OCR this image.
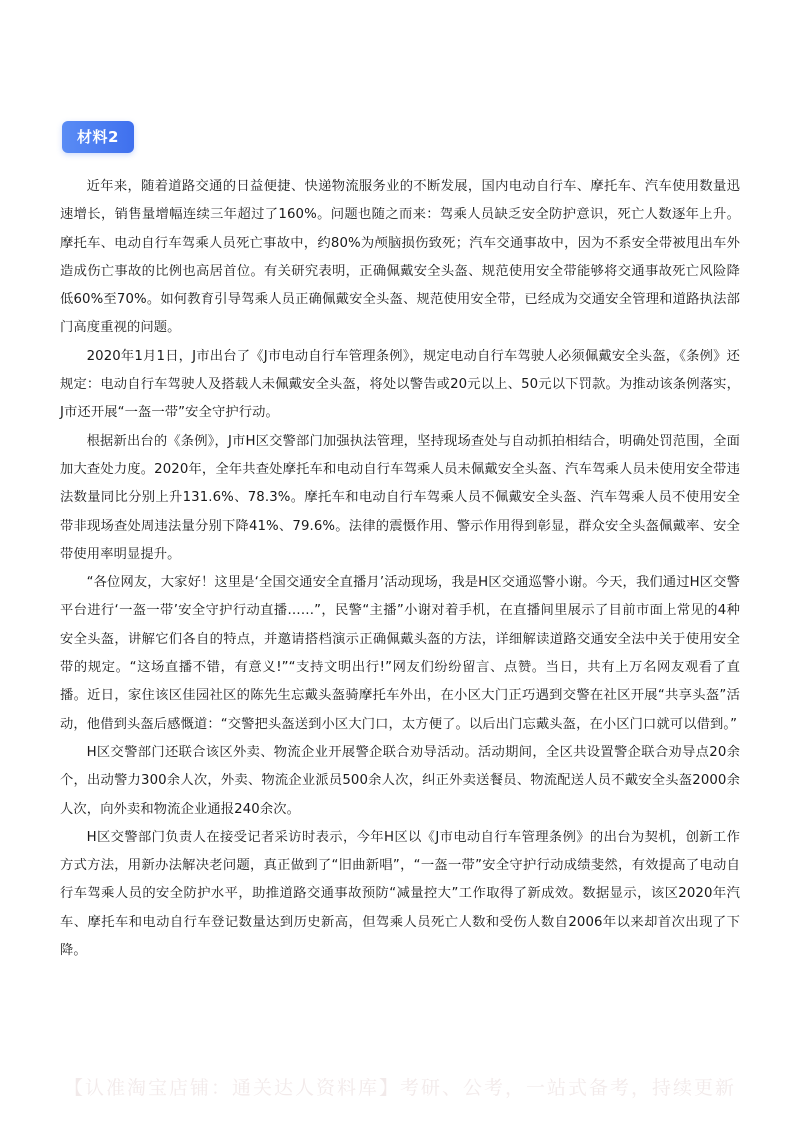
材料2

近年来，随着道路交通的日益便捷、快递物流服务业的不断发展，国内电动自行车、摩托车、汽车使用数量迅速增长，销售量增幅连续三年超过了160%。问题也随之而来：驾乘人员缺乏安全防护意识，死亡人数逐年上升。摩托车、电动自行车驾乘人员死亡事故中，约80%为颅脑损伤致死；汽车交通事故中，因为不系安全带被甩出车外造成伤亡事故的比例也高居首位。有关研究表明，正确佩戴安全头盔、规范使用安全带能够将交通事故死亡风险降低60%至70%。如何教育引导驾乘人员正确佩戴安全头盔、规范使用安全带，已经成为交通安全管理和道路执法部门高度重视的问题。

2020年1月1日，J市出台了《J市电动自行车管理条例》，规定电动自行车驾驶人必须佩戴安全头盔，《条例》还规定：电动自行车驾驶人及搭载人未佩戴安全头盔，将处以警告或20元以上、50元以下罚款。为推动该条例落实，J市还开展“一盔一带”安全守护行动。

根据新出台的《条例》，J市H区交警部门加强执法管理，坚持现场查处与自动抓拍相结合，明确处罚范围，全面加大查处力度。2020年，全年共查处摩托车和电动自行车驾乘人员未佩戴安全头盔、汽车驾乘人员未使用安全带违法数量同比分别上升131.6%、78.3%。摩托车和电动自行车驾乘人员不佩戴安全头盔、汽车驾乘人员不使用安全带非现场查处周违法量分别下降41%、79.6%。法律的震慑作用、警示作用得到彰显，群众安全头盔佩戴率、安全带使用率明显提升。

“各位网友，大家好！这里是‘全国交通安全直播月’活动现场，我是H区交通巡警小谢。今天，我们通过H区交警平台进行‘一盔一带’安全守护行动直播……”，民警“主播”小谢对着手机，在直播间里展示了目前市面上常见的4种安全头盔，讲解它们各自的特点，并邀请搭档演示正确佩戴头盔的方法，详细解读道路交通安全法中关于使用安全带的规定。“这场直播不错，有意义!”“支持文明出行!”网友们纷纷留言、点赞。当日，共有上万名网友观看了直播。近日，家住该区佳园社区的陈先生忘戴头盔骑摩托车外出，在小区大门正巧遇到交警在社区开展“共享头盔”活动，他借到头盔后感慨道：“交警把头盔送到小区大门口，太方便了。以后出门忘戴头盔，在小区门口就可以借到。”

H区交警部门还联合该区外卖、物流企业开展警企联合劝导活动。活动期间，全区共设置警企联合劝导点20余个，出动警力300余人次，外卖、物流企业派员500余人次，纠正外卖送餐员、物流配送人员不戴安全头盔2000余人次，向外卖和物流企业通报240余次。

H区交警部门负责人在接受记者采访时表示，今年H区以《J市电动自行车管理条例》的出台为契机，创新工作方式方法，用新办法解决老问题，真正做到了“旧曲新唱”，“一盔一带”安全守护行动成绩斐然，有效提高了电动自行车驾乘人员的安全防护水平，助推道路交通事故预防“减量控大”工作取得了新成效。数据显示，该区2020年汽车、摩托车和电动自行车登记数量达到历史新高，但驾乘人员死亡人数和受伤人数自2006年以来却首次出现了下降。

【认准淘宝店铺：通关达人资料库】考研、公考，一站式备考，持续更新
